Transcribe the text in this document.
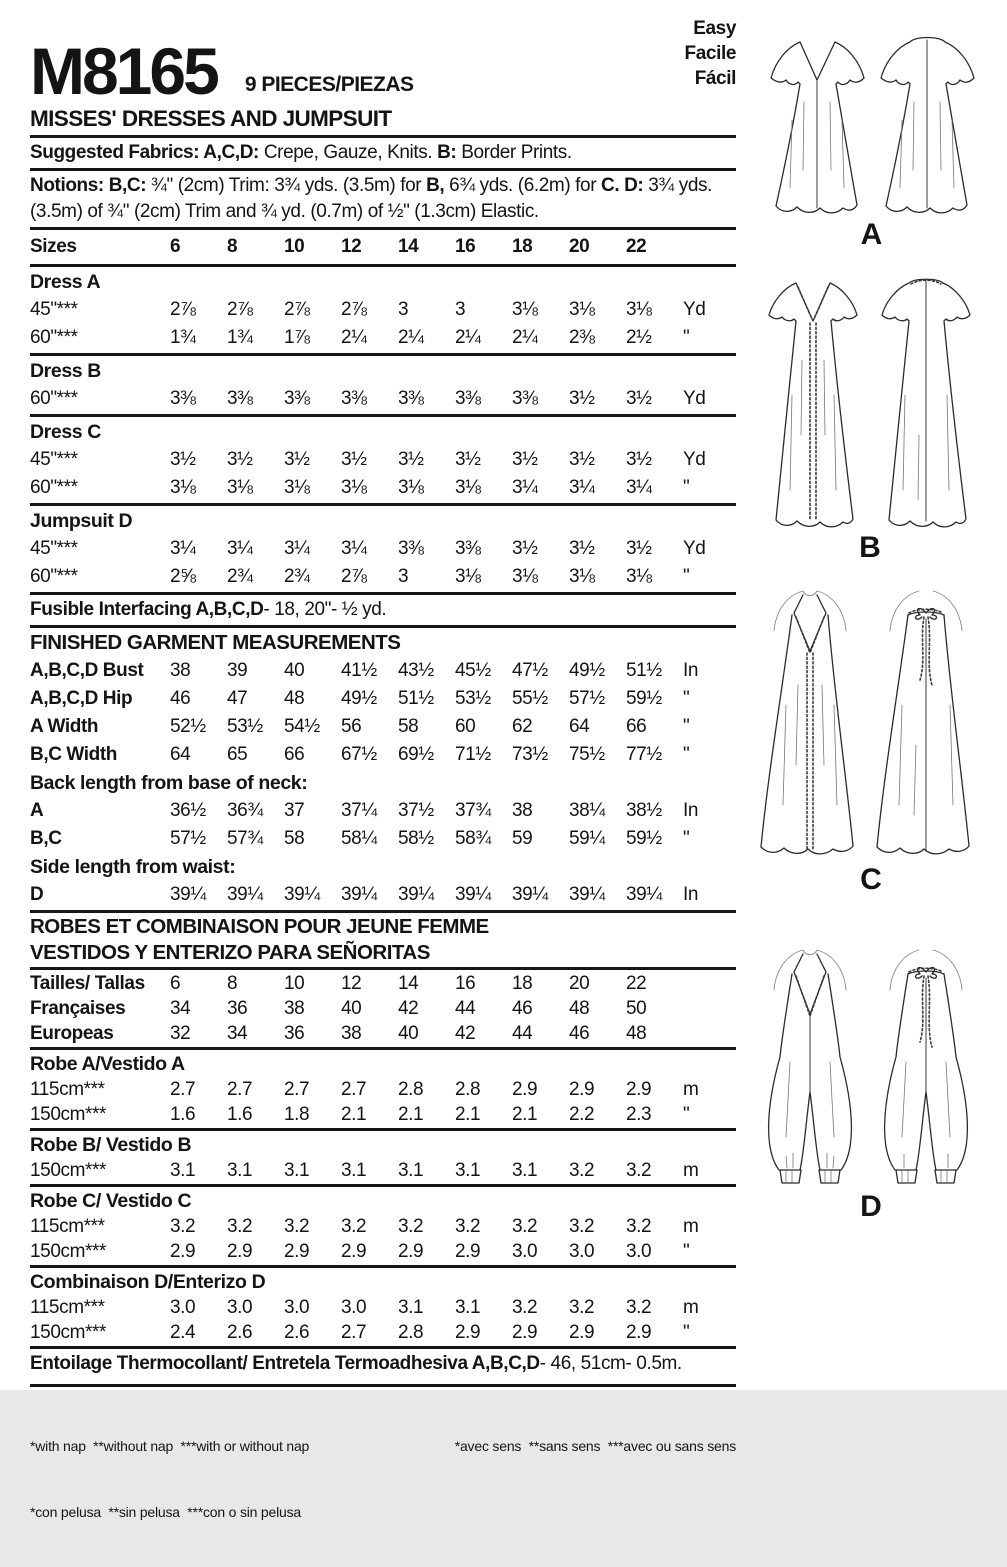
M8165 9 PIECES/PIEZAS
Easy
Facile
Fácil
MISSES' DRESSES AND JUMPSUIT
Suggested Fabrics: A,C,D: Crepe, Gauze, Knits. B: Border Prints.
Notions: B,C: ¾" (2cm) Trim: 3¾ yds. (3.5m) for B, 6¾ yds. (6.2m) for C. D: 3¾ yds. (3.5m) of ¾" (2cm) Trim and ¾ yd. (0.7m) of ½" (1.3cm) Elastic.
Sizes	6	8	10	12	14	16	18	20	22
Dress A
45"***	2⅞	2⅞	2⅞	2⅞	3	3	3⅛	3⅛	3⅛	Yd
60"***	1¾	1¾	1⅞	2¼	2¼	2¼	2¼	2⅜	2½	"
Dress B
60"***	3⅜	3⅜	3⅜	3⅜	3⅜	3⅜	3⅜	3½	3½	Yd
Dress C
45"***	3½	3½	3½	3½	3½	3½	3½	3½	3½	Yd
60"***	3⅛	3⅛	3⅛	3⅛	3⅛	3⅛	3¼	3¼	3¼	"
Jumpsuit D
45"***	3¼	3¼	3¼	3¼	3⅜	3⅜	3½	3½	3½	Yd
60"***	2⅝	2¾	2¾	2⅞	3	3⅛	3⅛	3⅛	3⅛	"
Fusible Interfacing A,B,C,D- 18, 20"- ½ yd.
FINISHED GARMENT MEASUREMENTS
A,B,C,D Bust	38	39	40	41½	43½	45½	47½	49½	51½	In
A,B,C,D Hip	46	47	48	49½	51½	53½	55½	57½	59½	"
A Width	52½	53½	54½	56	58	60	62	64	66	"
B,C Width	64	65	66	67½	69½	71½	73½	75½	77½	"
Back length from base of neck:
A	36½	36¾	37	37¼	37½	37¾	38	38¼	38½	In
B,C	57½	57¾	58	58¼	58½	58¾	59	59¼	59½	"
Side length from waist:
D	39¼	39¼	39¼	39¼	39¼	39¼	39¼	39¼	39¼	In
ROBES ET COMBINAISON POUR JEUNE FEMME
VESTIDOS Y ENTERIZO PARA SEÑORITAS
Tailles/ Tallas	6	8	10	12	14	16	18	20	22
Françaises	34	36	38	40	42	44	46	48	50
Europeas	32	34	36	38	40	42	44	46	48
Robe A/Vestido A
115cm***	2.7	2.7	2.7	2.7	2.8	2.8	2.9	2.9	2.9	m
150cm***	1.6	1.6	1.8	2.1	2.1	2.1	2.1	2.2	2.3	"
Robe B/ Vestido B
150cm***	3.1	3.1	3.1	3.1	3.1	3.1	3.1	3.2	3.2	m
Robe C/ Vestido C
115cm***	3.2	3.2	3.2	3.2	3.2	3.2	3.2	3.2	3.2	m
150cm***	2.9	2.9	2.9	2.9	2.9	2.9	3.0	3.0	3.0	"
Combinaison D/Enterizo D
115cm***	3.0	3.0	3.0	3.0	3.1	3.1	3.2	3.2	3.2	m
150cm***	2.4	2.6	2.6	2.7	2.8	2.9	2.9	2.9	2.9	"
Entoilage Thermocollant/ Entretela Termoadhesiva A,B,C,D- 46, 51cm- 0.5m.

*with nap  **without nap  ***with or without nap	*avec sens  **sans sens  ***avec ou sans sens

*con pelusa  **sin pelusa  ***con o sin pelusa

A
B
C
D
